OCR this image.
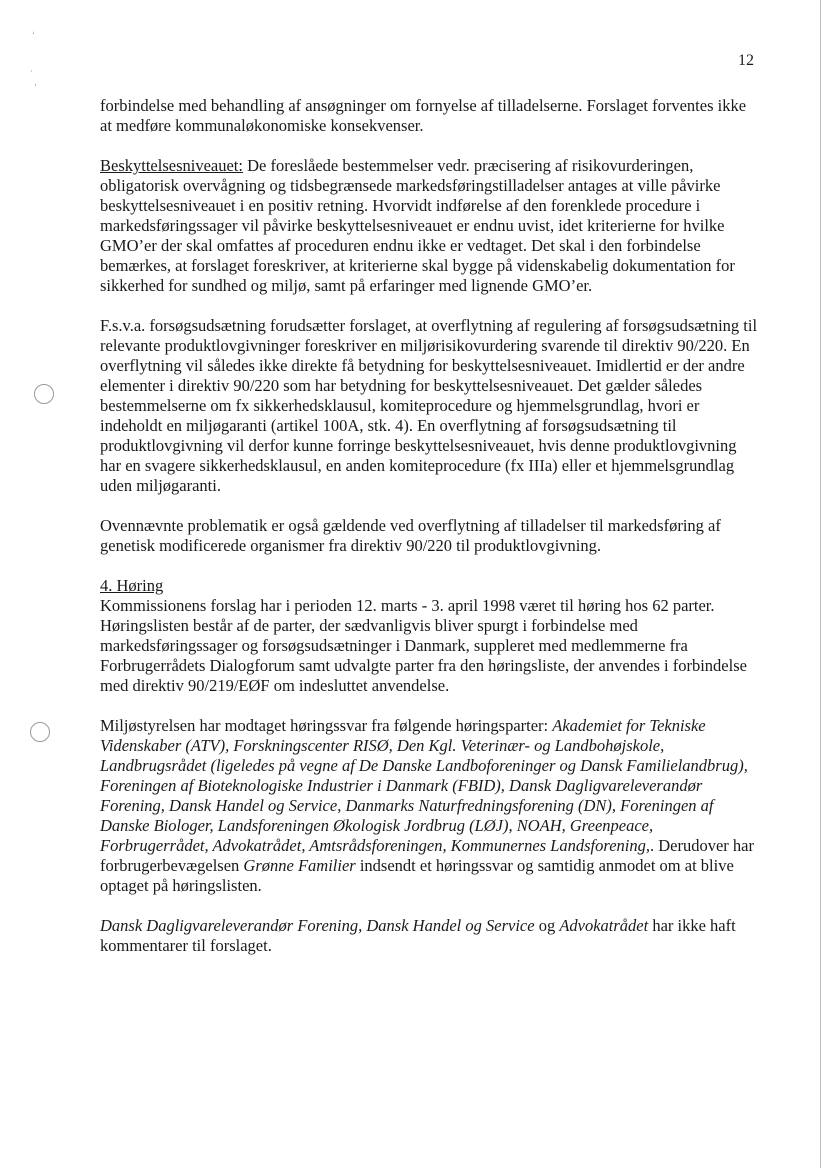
‘
·
ʻ
12

forbindelse med behandling af ansøgninger om fornyelse af tilladelserne. Forslaget forventes ikke at medføre kommunaløkonomiske konsekvenser.

Beskyttelsesniveauet: De foreslåede bestemmelser vedr. præcisering af risikovurderingen, obligatorisk overvågning og tidsbegrænsede markedsføringstilladelser antages at ville påvirke beskyttelsesniveauet i en positiv retning. Hvorvidt indførelse af den forenklede procedure i markedsføringssager vil påvirke beskyttelsesniveauet er endnu uvist, idet kriterierne for hvilke GMO’er der skal omfattes af proceduren endnu ikke er vedtaget. Det skal i den forbindelse bemærkes, at forslaget foreskriver, at kriterierne skal bygge på videnskabelig dokumentation for sikkerhed for sundhed og miljø, samt på erfaringer med lignende GMO’er.

F.s.v.a. forsøgsudsætning forudsætter forslaget, at overflytning af regulering af forsøgsudsætning til relevante produktlovgivninger foreskriver en miljørisikovurdering svarende til direktiv 90/220. En overflytning vil således ikke direkte få betydning for beskyttelsesniveauet. Imidlertid er der andre elementer i direktiv 90/220 som har betydning for beskyttelsesniveauet. Det gælder således bestemmelserne om fx sikkerhedsklausul, komiteprocedure og hjemmelsgrundlag, hvori er indeholdt en miljøgaranti (artikel 100A, stk. 4). En overflytning af forsøgsudsætning til produktlovgivning vil derfor kunne forringe beskyttelsesniveauet, hvis denne produktlovgivning har en svagere sikkerhedsklausul, en anden komiteprocedure (fx IIIa) eller et hjemmelsgrundlag uden miljøgaranti.

Ovennævnte problematik er også gældende ved overflytning af tilladelser til markedsføring af genetisk modificerede organismer fra direktiv 90/220 til produktlovgivning.

4. Høring

Kommissionens forslag har i perioden 12. marts - 3. april 1998 været til høring hos 62 parter. Høringslisten består af de parter, der sædvanligvis bliver spurgt i forbindelse med markedsføringssager og forsøgsudsætninger i Danmark, suppleret med medlemmerne fra Forbrugerrådets Dialogforum samt udvalgte parter fra den høringsliste, der anvendes i forbindelse med direktiv 90/219/EØF om indesluttet anvendelse.

Miljøstyrelsen har modtaget høringssvar fra følgende høringsparter: Akademiet for Tekniske Videnskaber (ATV), Forskningscenter RISØ, Den Kgl. Veterinær- og Landbohøjskole, Landbrugsrådet (ligeledes på vegne af De Danske Landboforeninger og Dansk Familielandbrug), Foreningen af Bioteknologiske Industrier i Danmark (FBID), Dansk Dagligvareleverandør Forening, Dansk Handel og Service, Danmarks Naturfredningsforening (DN), Foreningen af Danske Biologer, Landsforeningen Økologisk Jordbrug (LØJ), NOAH, Greenpeace, Forbrugerrådet, Advokatrådet, Amtsrådsforeningen, Kommunernes Landsforening,. Derudover har forbrugerbevægelsen Grønne Familier indsendt et høringssvar og samtidig anmodet om at blive optaget på høringslisten.

Dansk Dagligvareleverandør Forening, Dansk Handel og Service og Advokatrådet har ikke haft kommentarer til forslaget.
